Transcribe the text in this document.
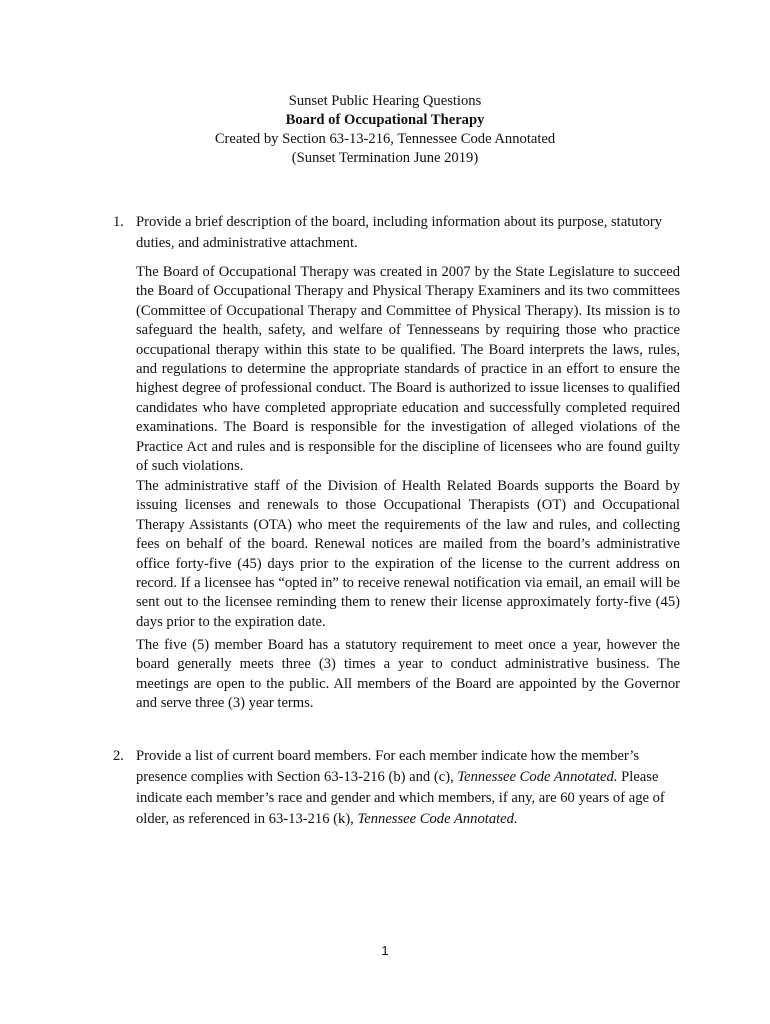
Sunset Public Hearing Questions
Board of Occupational Therapy
Created by Section 63-13-216, Tennessee Code Annotated
(Sunset Termination June 2019)
1. Provide a brief description of the board, including information about its purpose, statutory duties, and administrative attachment.
The Board of Occupational Therapy was created in 2007 by the State Legislature to succeed the Board of Occupational Therapy and Physical Therapy Examiners and its two committees (Committee of Occupational Therapy and Committee of Physical Therapy). Its mission is to safeguard the health, safety, and welfare of Tennesseans by requiring those who practice occupational therapy within this state to be qualified. The Board interprets the laws, rules, and regulations to determine the appropriate standards of practice in an effort to ensure the highest degree of professional conduct. The Board is authorized to issue licenses to qualified candidates who have completed appropriate education and successfully completed required examinations. The Board is responsible for the investigation of alleged violations of the Practice Act and rules and is responsible for the discipline of licensees who are found guilty of such violations.
The administrative staff of the Division of Health Related Boards supports the Board by issuing licenses and renewals to those Occupational Therapists (OT) and Occupational Therapy Assistants (OTA) who meet the requirements of the law and rules, and collecting fees on behalf of the board. Renewal notices are mailed from the board’s administrative office forty-five (45) days prior to the expiration of the license to the current address on record. If a licensee has “opted in” to receive renewal notification via email, an email will be sent out to the licensee reminding them to renew their license approximately forty-five (45) days prior to the expiration date.
The five (5) member Board has a statutory requirement to meet once a year, however the board generally meets three (3) times a year to conduct administrative business. The meetings are open to the public. All members of the Board are appointed by the Governor and serve three (3) year terms.
2. Provide a list of current board members. For each member indicate how the member’s presence complies with Section 63-13-216 (b) and (c), Tennessee Code Annotated. Please indicate each member’s race and gender and which members, if any, are 60 years of age of older, as referenced in 63-13-216 (k), Tennessee Code Annotated.
1
